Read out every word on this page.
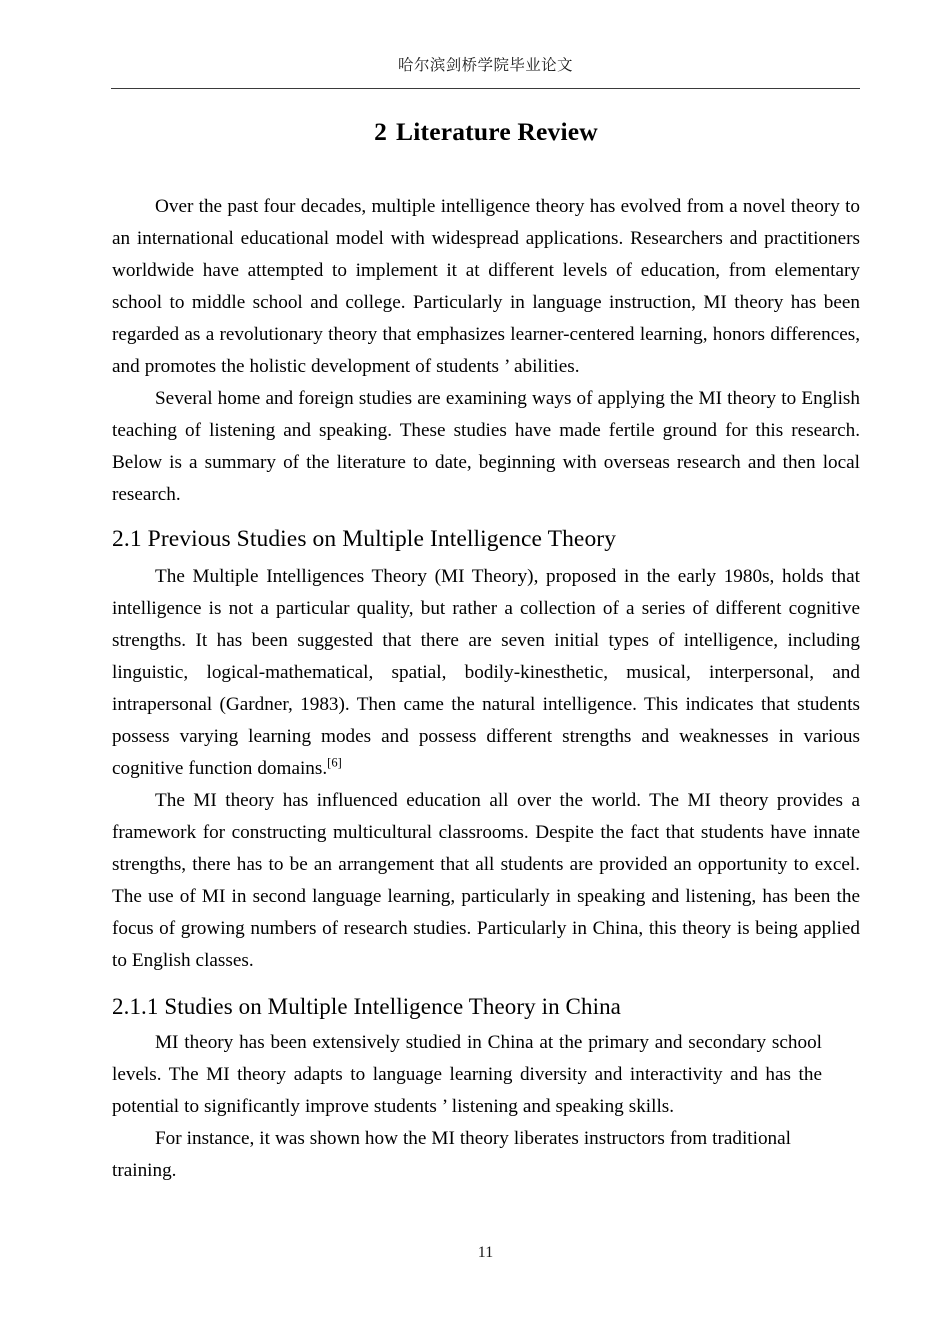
哈尔滨剑桥学院毕业论文
2 Literature Review

Over the past four decades, multiple intelligence theory has evolved from a novel theory to an international educational model with widespread applications. Researchers and practitioners worldwide have attempted to implement it at different levels of education, from elementary school to middle school and college. Particularly in language instruction, MI theory has been regarded as a revolutionary theory that emphasizes learner-centered learning, honors differences, and promotes the holistic development of students ’ abilities.

Several home and foreign studies are examining ways of applying the MI theory to English teaching of listening and speaking. These studies have made fertile ground for this research. Below is a summary of the literature to date, beginning with overseas research and then local research.

2.1 Previous Studies on Multiple Intelligence Theory

The Multiple Intelligences Theory (MI Theory), proposed in the early 1980s, holds that intelligence is not a particular quality, but rather a collection of a series of different cognitive strengths. It has been suggested that there are seven initial types of intelligence, including linguistic, logical-mathematical, spatial, bodily-kinesthetic, musical, interpersonal, and intrapersonal (Gardner, 1983). Then came the natural intelligence. This indicates that students possess varying learning modes and possess different strengths and weaknesses in various cognitive function domains.[6]

The MI theory has influenced education all over the world. The MI theory provides a framework for constructing multicultural classrooms. Despite the fact that students have innate strengths, there has to be an arrangement that all students are provided an opportunity to excel. The use of MI in second language learning, particularly in speaking and listening, has been the focus of growing numbers of research studies. Particularly in China, this theory is being applied to English classes.

2.1.1 Studies on Multiple Intelligence Theory in China

MI theory has been extensively studied in China at the primary and secondary school levels. The MI theory adapts to language learning diversity and interactivity and has the potential to significantly improve students ’ listening and speaking skills.

For instance, it was shown how the MI theory liberates instructors from traditional training.

11
